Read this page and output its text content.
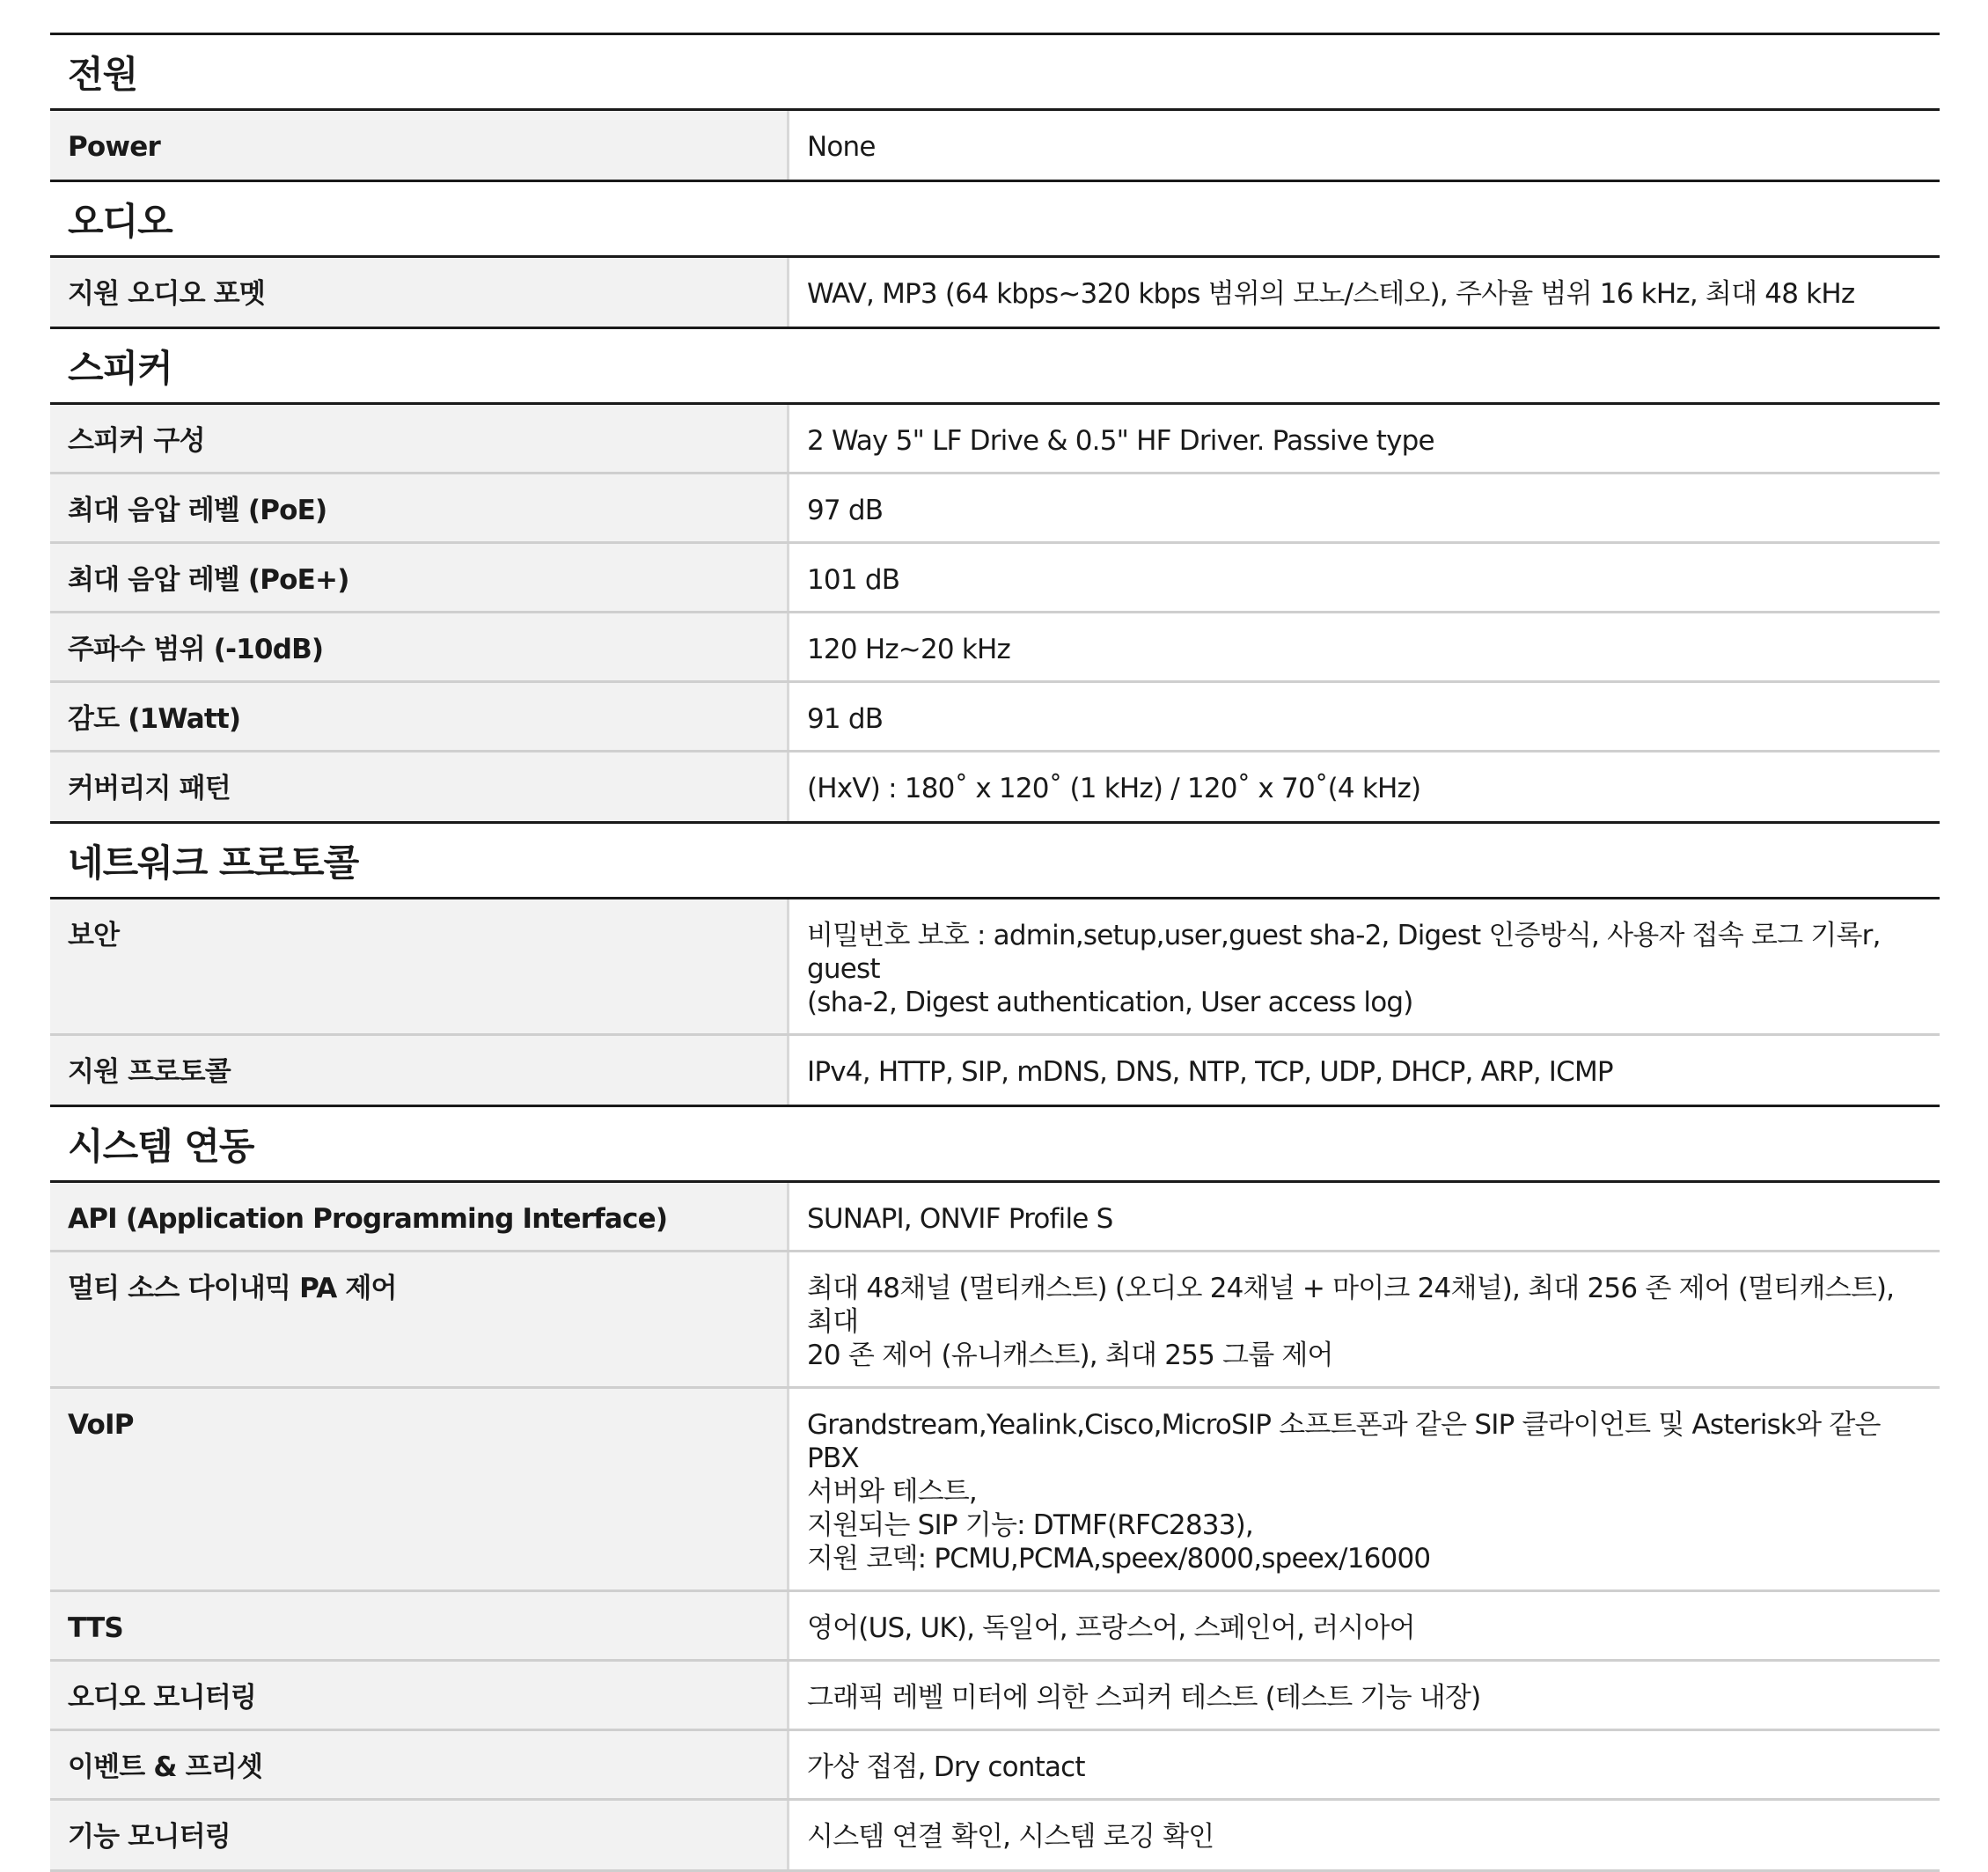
전원
Power	None
오디오
지원 오디오 포멧	WAV, MP3 (64 kbps~320 kbps 범위의 모노/스테오), 주사율 범위 16 kHz, 최대 48 kHz
스피커
스피커 구성	2 Way 5" LF Drive & 0.5" HF Driver. Passive type
최대 음압 레벨 (PoE)	97 dB
최대 음압 레벨 (PoE+)	101 dB
주파수 범위 (-10dB)	120 Hz~20 kHz
감도 (1Watt)	91 dB
커버리지 패턴	(HxV) : 180˚ x 120˚ (1 kHz) / 120˚ x 70˚(4 kHz)
네트워크 프로토콜
보안	비밀번호 보호 : admin,setup,user,guest sha-2, Digest 인증방식, 사용자 접속 로그 기록r, guest
(sha-2, Digest authentication, User access log)
지원 프로토콜	IPv4, HTTP, SIP, mDNS, DNS, NTP, TCP, UDP, DHCP, ARP, ICMP
시스템 연동
API (Application Programming Interface)	SUNAPI, ONVIF Profile S
멀티 소스 다이내믹 PA 제어	최대 48채널 (멀티캐스트) (오디오 24채널 + 마이크 24채널), 최대 256 존 제어 (멀티캐스트), 최대
20 존 제어 (유니캐스트), 최대 255 그룹 제어
VoIP	Grandstream,Yealink,Cisco,MicroSIP 소프트폰과 같은 SIP 클라이언트 및 Asterisk와 같은 PBX
서버와 테스트,
지원되는 SIP 기능: DTMF(RFC2833),
지원 코덱: PCMU,PCMA,speex/8000,speex/16000
TTS	영어(US, UK), 독일어, 프랑스어, 스페인어, 러시아어
오디오 모니터링	그래픽 레벨 미터에 의한 스피커 테스트 (테스트 기능 내장)
이벤트 & 프리셋	가상 접점, Dry contact
기능 모니터링	시스템 연결 확인, 시스템 로깅 확인
